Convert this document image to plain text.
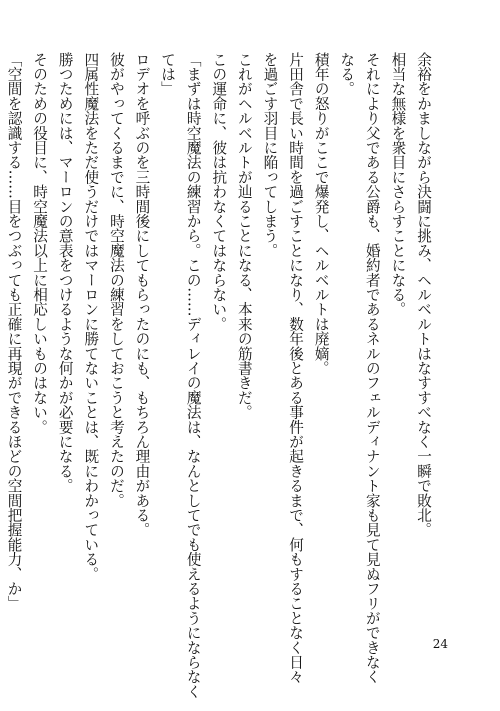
余裕をかましながら決闘に挑み、ヘルベルトはなすすべなく一瞬で敗北。
相当な無様を衆目にさらすことになる。
それにより父である公爵も、婚約者であるネルのフェルディナント家も見て見ぬフリができなく
なる。
積年の怒りがここで爆発し、ヘルベルトは廃嫡。
片田舎で長い時間を過ごすことになり、数年後とある事件が起きるまで、何もすることなく日々
を過ごす羽目に陥ってしまう。
これがヘルベルトが辿ることになる、本来の筋書きだ。
この運命に、彼は抗わなくてはならない。
「まずは時空魔法の練習から。この……ディレイの魔法は、なんとしてでも使えるようにならなく
ては」
ロデオを呼ぶのを三時間後にしてもらったのにも、もちろん理由がある。
彼がやってくるまでに、時空魔法の練習をしておこうと考えたのだ。
四属性魔法をただ使うだけではマーロンに勝てないことは、既にわかっている。
勝つためには、マーロンの意表をつけるような何かが必要になる。
そのための役目に、時空魔法以上に相応しいものはない。
「空間を認識する……目をつぶっても正確に再現ができるほどの空間把握能力、か」
24
